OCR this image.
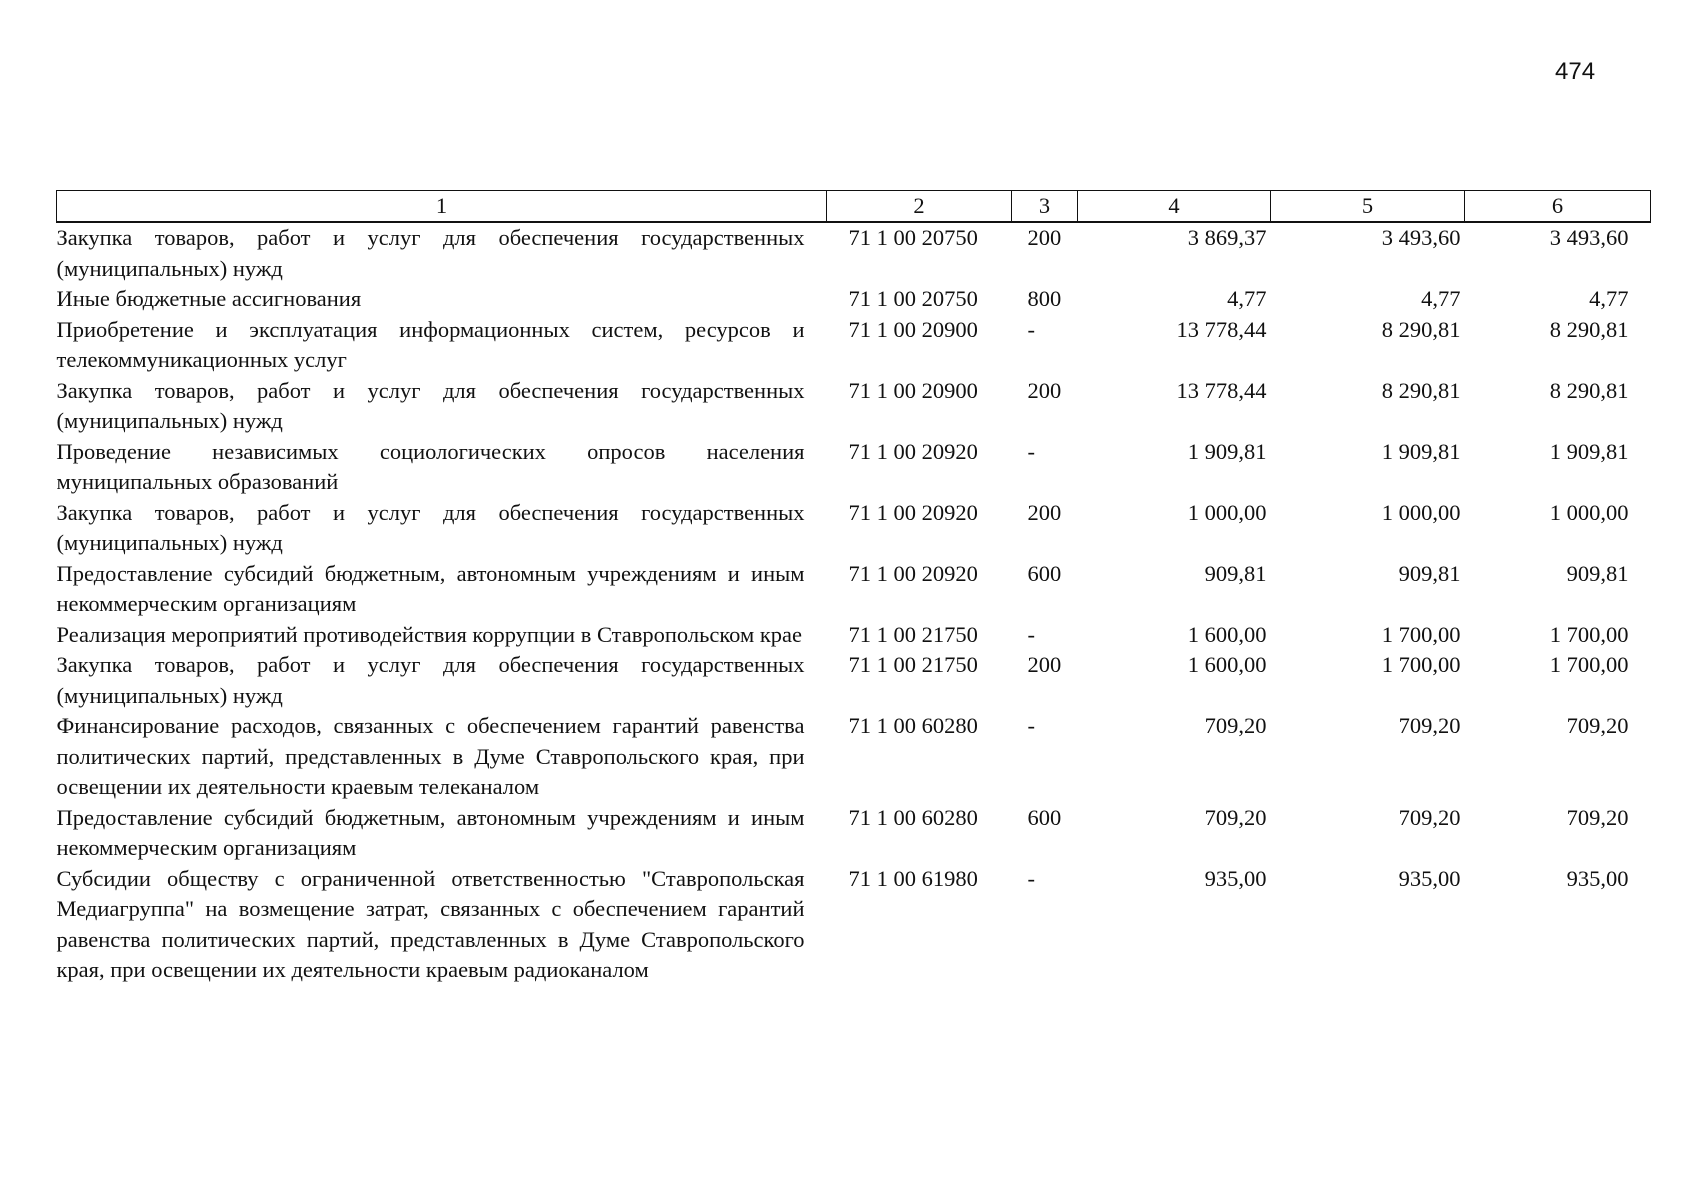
474
1	2	3	4	5	6
Закупка товаров, работ и услуг для обеспечения государственных (муниципальных) нужд	71 1 00 20750	200	3 869,37	3 493,60	3 493,60
Иные бюджетные ассигнования	71 1 00 20750	800	4,77	4,77	4,77
Приобретение и эксплуатация информационных систем, ресурсов и телекоммуникационных услуг	71 1 00 20900	-	13 778,44	8 290,81	8 290,81
Закупка товаров, работ и услуг для обеспечения государственных (муниципальных) нужд	71 1 00 20900	200	13 778,44	8 290,81	8 290,81
Проведение независимых социологических опросов населения муниципальных образований	71 1 00 20920	-	1 909,81	1 909,81	1 909,81
Закупка товаров, работ и услуг для обеспечения государственных (муниципальных) нужд	71 1 00 20920	200	1 000,00	1 000,00	1 000,00
Предоставление субсидий бюджетным, автономным учреждениям и иным некоммерческим организациям	71 1 00 20920	600	909,81	909,81	909,81
Реализация мероприятий противодействия коррупции в Ставропольском крае	71 1 00 21750	-	1 600,00	1 700,00	1 700,00
Закупка товаров, работ и услуг для обеспечения государственных (муниципальных) нужд	71 1 00 21750	200	1 600,00	1 700,00	1 700,00
Финансирование расходов, связанных с обеспечением гарантий равенства политических партий, представленных в Думе Ставропольского края, при освещении их деятельности краевым телеканалом	71 1 00 60280	-	709,20	709,20	709,20
Предоставление субсидий бюджетным, автономным учреждениям и иным некоммерческим организациям	71 1 00 60280	600	709,20	709,20	709,20
Субсидии обществу с ограниченной ответственностью "Ставропольская Медиагруппа" на возмещение затрат, связанных с обеспечением гарантий равенства политических партий, представленных в Думе Ставропольского края, при освещении их деятельности краевым радиоканалом	71 1 00 61980	-	935,00	935,00	935,00
